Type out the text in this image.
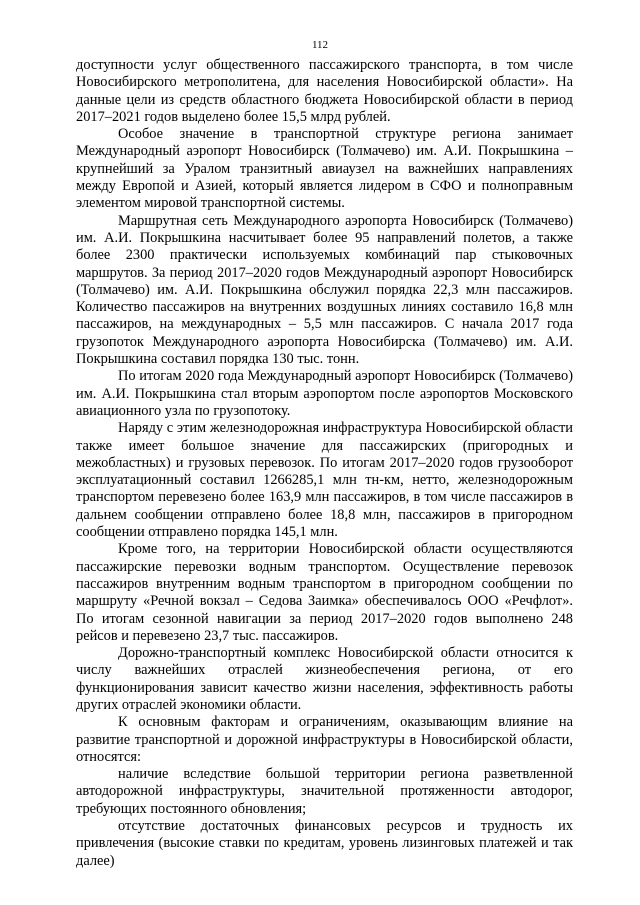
112

доступности услуг общественного пассажирского транспорта, в том числе Новосибирского метрополитена, для населения Новосибирской области». На данные цели из средств областного бюджета Новосибирской области в период 2017–2021 годов выделено более 15,5 млрд рублей.

Особое значение в транспортной структуре региона занимает Международный аэропорт Новосибирск (Толмачево) им. А.И. Покрышкина – крупнейший за Уралом транзитный авиаузел на важнейших направлениях между Европой и Азией, который является лидером в СФО и полноправным элементом мировой транспортной системы.

Маршрутная сеть Международного аэропорта Новосибирск (Толмачево) им. А.И. Покрышкина насчитывает более 95 направлений полетов, а также более 2300 практически используемых комбинаций пар стыковочных маршрутов. За период 2017–2020 годов Международный аэропорт Новосибирск (Толмачево) им. А.И. Покрышкина обслужил порядка 22,3 млн пассажиров. Количество пассажиров на внутренних воздушных линиях составило 16,8 млн пассажиров, на международных – 5,5 млн пассажиров. С начала 2017 года грузопоток Международного аэропорта Новосибирска (Толмачево) им. А.И. Покрышкина составил порядка 130 тыс. тонн.

По итогам 2020 года Международный аэропорт Новосибирск (Толмачево) им. А.И. Покрышкина стал вторым аэропортом после аэропортов Московского авиационного узла по грузопотоку.

Наряду с этим железнодорожная инфраструктура Новосибирской области также имеет большое значение для пассажирских (пригородных и межобластных) и грузовых перевозок. По итогам 2017–2020 годов грузооборот эксплуатационный составил 1266285,1 млн тн-км, нетто, железнодорожным транспортом перевезено более 163,9 млн пассажиров, в том числе пассажиров в дальнем сообщении отправлено более 18,8 млн, пассажиров в пригородном сообщении отправлено порядка 145,1 млн.

Кроме того, на территории Новосибирской области осуществляются пассажирские перевозки водным транспортом. Осуществление перевозок пассажиров внутренним водным транспортом в пригородном сообщении по маршруту «Речной вокзал – Седова Заимка» обеспечивалось ООО «Речфлот». По итогам сезонной навигации за период 2017–2020 годов выполнено 248 рейсов и перевезено 23,7 тыс. пассажиров.

Дорожно-транспортный комплекс Новосибирской области относится к числу важнейших отраслей жизнеобеспечения региона, от его функционирования зависит качество жизни населения, эффективность работы других отраслей экономики области.

К основным факторам и ограничениям, оказывающим влияние на развитие транспортной и дорожной инфраструктуры в Новосибирской области, относятся:

наличие вследствие большой территории региона разветвленной автодорожной инфраструктуры, значительной протяженности автодорог, требующих постоянного обновления;

отсутствие достаточных финансовых ресурсов и трудность их привлечения (высокие ставки по кредитам, уровень лизинговых платежей и так далее)
